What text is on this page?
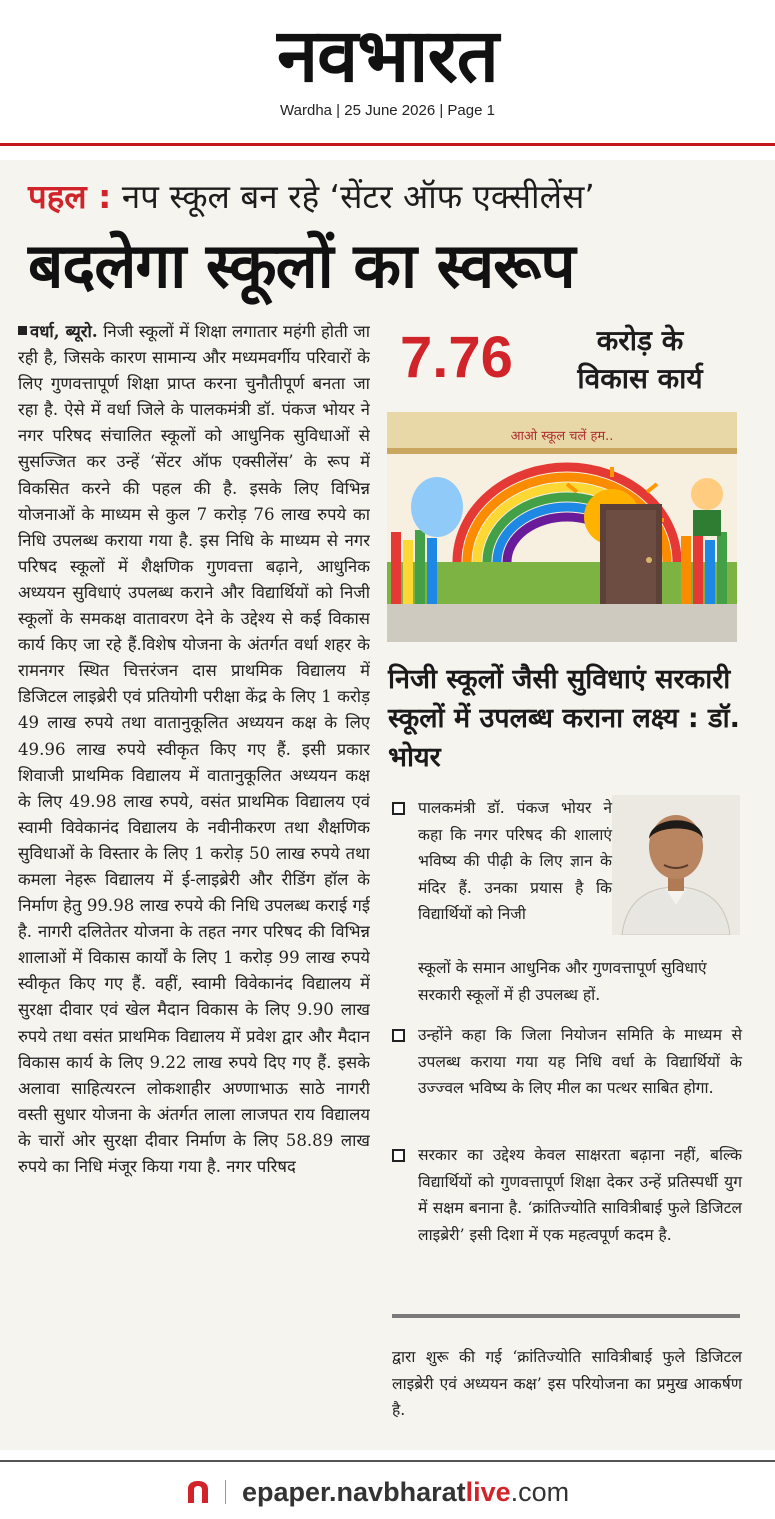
नवभारत
Wardha | 25 June 2026 | Page 1
पहल : नप स्कूल बन रहे ‘सेंटर ऑफ एक्सीलेंस’
बदलेगा स्कूलों का स्वरूप

वर्धा, ब्यूरो. निजी स्कूलों में शिक्षा लगातार महंगी होती जा रही है, जिसके कारण सामान्य और मध्यमवर्गीय परिवारों के लिए गुणवत्तापूर्ण शिक्षा प्राप्त करना चुनौतीपूर्ण बनता जा रहा है. ऐसे में वर्धा जिले के पालकमंत्री डॉ. पंकज भोयर ने नगर परिषद संचालित स्कूलों को आधुनिक सुविधाओं से सुसज्जित कर उन्हें ‘सेंटर ऑफ एक्सीलेंस’ के रूप में विकसित करने की पहल की है. इसके लिए विभिन्न योजनाओं के माध्यम से कुल 7 करोड़ 76 लाख रुपये का निधि उपलब्ध कराया गया है. इस निधि के माध्यम से नगर परिषद स्कूलों में शैक्षणिक गुणवत्ता बढ़ाने, आधुनिक अध्ययन सुविधाएं उपलब्ध कराने और विद्यार्थियों को निजी स्कूलों के समकक्ष वातावरण देने के उद्देश्य से कई विकास कार्य किए जा रहे हैं.विशेष योजना के अंतर्गत वर्धा शहर के रामनगर स्थित चित्तरंजन दास प्राथमिक विद्यालय में डिजिटल लाइब्रेरी एवं प्रतियोगी परीक्षा केंद्र के लिए 1 करोड़ 49 लाख रुपये तथा वातानुकूलित अध्ययन कक्ष के लिए 49.96 लाख रुपये स्वीकृत किए गए हैं. इसी प्रकार शिवाजी प्राथमिक विद्यालय में वातानुकूलित अध्ययन कक्ष के लिए 49.98 लाख रुपये, वसंत प्राथमिक विद्यालय एवं स्वामी विवेकानंद विद्यालय के नवीनीकरण तथा शैक्षणिक सुविधाओं के विस्तार के लिए 1 करोड़ 50 लाख रुपये तथा कमला नेहरू विद्यालय में ई-लाइब्रेरी और रीडिंग हॉल के निर्माण हेतु 99.98 लाख रुपये की निधि उपलब्ध कराई गई है. नागरी दलितेतर योजना के तहत नगर परिषद की विभिन्न शालाओं में विकास कार्यों के लिए 1 करोड़ 99 लाख रुपये स्वीकृत किए गए हैं. वहीं, स्वामी विवेकानंद विद्यालय में सुरक्षा दीवार एवं खेल मैदान विकास के लिए 9.90 लाख रुपये तथा वसंत प्राथमिक विद्यालय में प्रवेश द्वार और मैदान विकास कार्य के लिए 9.22 लाख रुपये दिए गए हैं. इसके अलावा साहित्यरत्न लोकशाहीर अण्णाभाऊ साठे नागरी वस्ती सुधार योजना के अंतर्गत लाला लाजपत राय विद्यालय के चारों ओर सुरक्षा दीवार निर्माण के लिए 58.89 लाख रुपये का निधि मंजूर किया गया है. नगर परिषद

7.76	करोड़ के
विकास कार्य
आओ स्कूल चलें हम..
निजी स्कूलों जैसी सुविधाएं सरकारी स्कूलों में उपलब्ध कराना लक्ष्य : डॉ. भोयर
पालकमंत्री डॉ. पंकज भोयर ने कहा कि नगर परिषद की शालाएं भविष्य की पीढ़ी के लिए ज्ञान के मंदिर हैं. उनका प्रयास है कि विद्यार्थियों को निजी
स्कूलों के समान आधुनिक और गुणवत्तापूर्ण सुविधाएं सरकारी स्कूलों में ही उपलब्ध हों.
उन्होंने कहा कि जिला नियोजन समिति के माध्यम से उपलब्ध कराया गया यह निधि वर्धा के विद्यार्थियों के उज्ज्वल भविष्य के लिए मील का पत्थर साबित होगा.
सरकार का उद्देश्य केवल साक्षरता बढ़ाना नहीं, बल्कि विद्यार्थियों को गुणवत्तापूर्ण शिक्षा देकर उन्हें प्रतिस्पर्धी युग में सक्षम बनाना है. ‘क्रांतिज्योति सावित्रीबाई फुले डिजिटल लाइब्रेरी’ इसी दिशा में एक महत्वपूर्ण कदम है.
द्वारा शुरू की गई ‘क्रांतिज्योति सावित्रीबाई फुले डिजिटल लाइब्रेरी एवं अध्ययन कक्ष’ इस परियोजना का प्रमुख आकर्षण है.
epaper.navbharatlive.com
